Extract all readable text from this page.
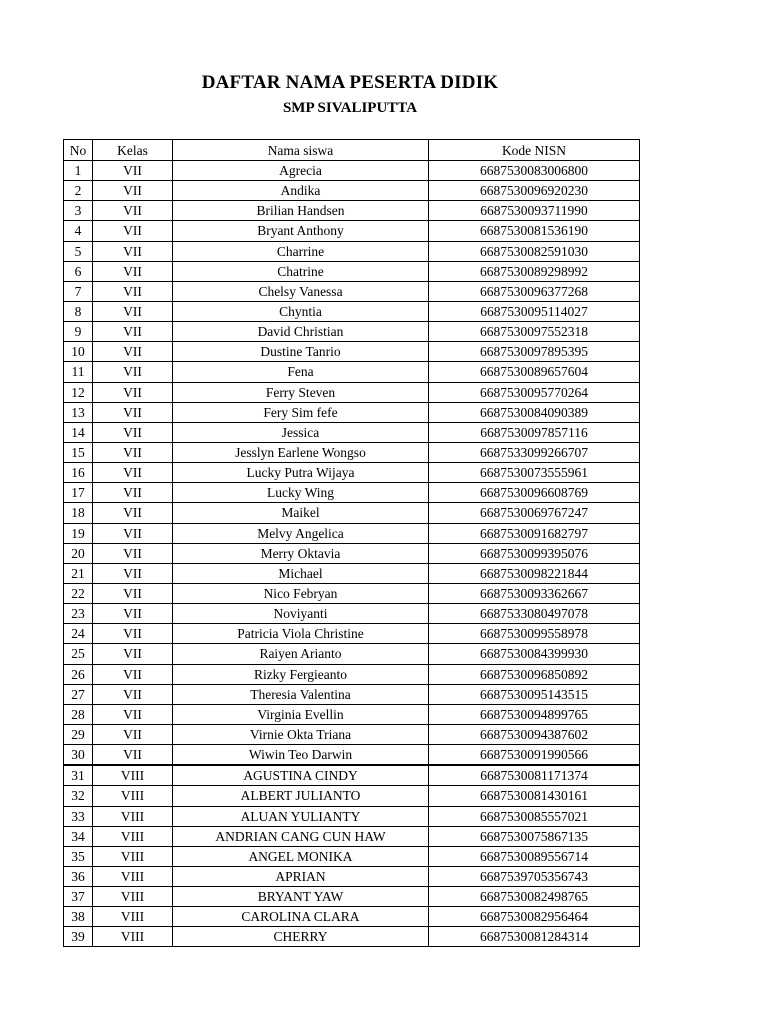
DAFTAR NAMA PESERTA DIDIK
SMP SIVALIPUTTA
No	Kelas	Nama siswa	Kode NISN
1	VII	Agrecia	6687530083006800
2	VII	Andika	6687530096920230
3	VII	Brilian Handsen	6687530093711990
4	VII	Bryant Anthony	6687530081536190
5	VII	Charrine	6687530082591030
6	VII	Chatrine	6687530089298992
7	VII	Chelsy Vanessa	6687530096377268
8	VII	Chyntia	6687530095114027
9	VII	David Christian	6687530097552318
10	VII	Dustine Tanrio	6687530097895395
11	VII	Fena	6687530089657604
12	VII	Ferry Steven	6687530095770264
13	VII	Fery Sim fefe	6687530084090389
14	VII	Jessica	6687530097857116
15	VII	Jesslyn Earlene Wongso	6687533099266707
16	VII	Lucky Putra Wijaya	6687530073555961
17	VII	Lucky Wing	6687530096608769
18	VII	Maikel	6687530069767247
19	VII	Melvy Angelica	6687530091682797
20	VII	Merry Oktavia	6687530099395076
21	VII	Michael	6687530098221844
22	VII	Nico Febryan	6687530093362667
23	VII	Noviyanti	6687533080497078
24	VII	Patricia Viola Christine	6687530099558978
25	VII	Raiyen Arianto	6687530084399930
26	VII	Rizky Fergieanto	6687530096850892
27	VII	Theresia Valentina	6687530095143515
28	VII	Virginia Evellin	6687530094899765
29	VII	Virnie Okta Triana	6687530094387602
30	VII	Wiwin Teo Darwin	6687530091990566
31	VIII	AGUSTINA CINDY	6687530081171374
32	VIII	ALBERT JULIANTO	6687530081430161
33	VIII	ALUAN YULIANTY	6687530085557021
34	VIII	ANDRIAN CANG CUN HAW	6687530075867135
35	VIII	ANGEL MONIKA	6687530089556714
36	VIII	APRIAN	6687539705356743
37	VIII	BRYANT YAW	6687530082498765
38	VIII	CAROLINA CLARA	6687530082956464
39	VIII	CHERRY	6687530081284314
